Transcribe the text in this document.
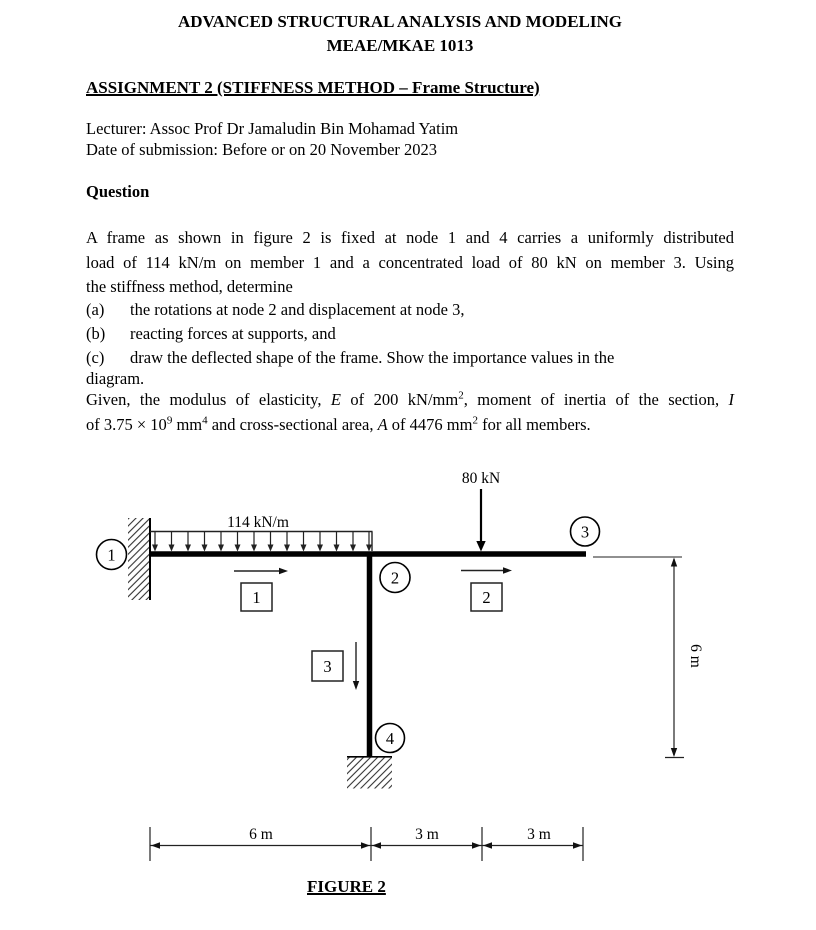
114 kN/m
80 kN
1	2
3
1
2
3
4
6 m
6 m	3 m	3 m
ADVANCED STRUCTURAL ANALYSIS AND MODELING
MEAE/MKAE 1013
ASSIGNMENT 2 (STIFFNESS METHOD – Frame Structure)
Lecturer: Assoc Prof Dr Jamaludin Bin Mohamad Yatim
Date of submission: Before or on 20 November 2023
Question
A frame as shown in figure 2 is fixed at node 1 and 4 carries a uniformly distributed
load of 114 kN/m on member 1 and a concentrated load of 80 kN on member 3. Using
the stiffness method, determine
(a) the rotations at node 2 and displacement at node 3,
(b) reacting forces at supports, and
(c) draw the deflected shape of the frame. Show the importance values in the
diagram.
Given, the modulus of elasticity, E of 200 $kN/mm^2$, moment of inertia of the section, I
of $3.75 \times 10^9$ $mm^4$ and cross-sectional area, A of 4476 $mm^2$ for all members.
FIGURE 2
